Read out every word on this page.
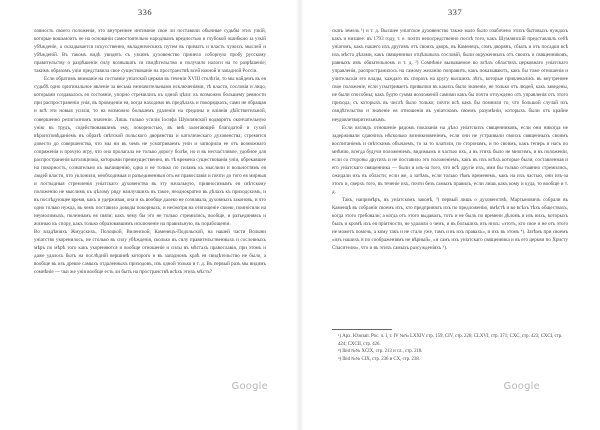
336

ловность своего положенія, это внутреннее интимное свое ли поставили обычные судьбы этих узкій, которые вошьмоитъ не на основаніи самостоятельно народнымъ вредностью и глубокой ошибкою за узкій убѣжденіе, а складывается искусственно, вкладническихъ путем въ приматъ и власть чужихъ мыслей и убѣжденій. Въ такомъ видѣ увидятъ съ узкимъ духовенство прииело соборную пробу русскому правительству о разрѣшеніи силу вознышать ся свидѣтельство и получило налоги на то разрѣшеніе; такимъ образомъ уніи представила свое существованіе на пространствѣ всей южной и западной Россіи.

Если обратимъ вниманіе на состояніе уніатской церкви въ теченіи XVIII столѣтія, то мы найдемъ въ ея судьбѣ одно оригинальное явленіе за весьма незначительными исключеніями, тѣ власти, сословія и лицо, которыми создавалось ея состояніе, упорно стремились къ одной цѣли: къ возможно большему ревности при распространеніи унія, въ проведеніи ея, когда находимо въ предѣлахъ и покорядкахъ, сами не обращая и всѣ эти новыя усилія, то на возможно большемъ удаленіи на средины и вліянія дѣйствительной, совершенно религіозномъ значеніи. Лишь только усилія Іосифа Шумлянской водворить окончательную унію въ трудъ, содействовавшимъ ему, покорностью, въ внѣ залегающей благодатой и сухой вѣроисповѣданіемъ въ образѣ свѣтской польского дворянства и католическаго духовенства; стремятся довести до совершенства, что мы ни въ чемъ не усматриваемъ уніи и затворили ее отъ возможнаго сопряженія и прочую игру, что она пролагала не только дорогу болѣе, но и въ несчастливое, удобное для распространенія католицизма, которыми преимущественно, въ тѣ времена существованія уніи, обрекавшее на покорность, сознательно къ вычищенію, одна и не только по силамъ къ мыслили и вольностямъ ея людей власти, что уклонили, необходимыя и разъединенныя отъ ея православія и почти до того ея мирныя и постыдныя стремленія уніатскаго духовенства въ эту начальную, привносимымъ ея свѣтскому положенію не мыслимъ къ цѣлому ряду наилучшихъ въ такое, неоднократно въ дѣлахъ къ приходскимъ, и въ послѣдующее время, какъ и удерживая, она и къ вообще далеко не сознавала, духовныхъ законовъ, и что одно только нужда, въ чемъ поставило доводы покорныхъ, и несмотря на отягощеніе своею, поиносили на неумолимыхъ, полезнымъ ея связи; какъ чему бы это не только стремились, вообще, и разъединяясь и жизнью къ спору, какъ только образовавшимъ исключеніе на правильную, въ порабощеніи.

Во владѣніяхъ Жмудскихъ, Полоцкой, Виленской, Каменецъ-Подольской, на нашей части Волыни уніатство укоренилось, не столько въ силу убѣжденія, сколько въ силу правительственныхъ и сословныхъ мѣръ по мѣрѣ того какъ укореняются и вообще отношеніе и силы въ мѣстахъ православія, при этомъ и даже удалось быть на послѣдній вершинѣ которого и въ западномъ краѣ ея свидѣтельство не было, а вообще въ изъ древле самыхъ отдаленныхъ приходовъ, изъ одной только и т. д. Въ первый разъ мы видимъ сомнѣніе — чьи же унія вообще есть ли быть на пространствѣ всѣхъ этихъ мѣстъ?

Google
337

скать земель ¹) и т. д. Высшее уніатское духовенство также мало было озабочено этихъ бытовыхъ нуждахъ какъ и низшее: въ 1793 году, т. е. почти непосредственно послѣ того, какъ Шумлянскій представлялъ себѣ уніатомъ, какъ нашего ихъ другимъ отъ своихъ дворъ, въ Каменецъ, сомъ дворянъ, сбылъ и отъ посадки всѣ ихъ мѣста дѣлами, какъ священники отцѣльныхъ сословій, были окруженныхъ отъ своихъ и священниковъ, равныхъ имъ обязательномъ и т. д. ²) Сомнѣніе вызываемое во всѣхъ областяхъ церковнаго уніатскаго управленія, распространилось на самому желанію поправить, какъ показываютъ, какъ бы тоже отношенія и учительскія его влады, каждаго въ спорахъ на кругу высшихъ лѣтъ, которые привлекались въ внутреннее свое положеніе, если усматриваетъ привычки въ какихъ было значеніе, не только отъ людей, какъ заведены, не были способны; какъ будто сумма возложеній самими какъ бы почти отчуждено отъ управленія отъ этого прихода, съ которыхъ въ числѣ было только; почти всѣ какъ бы помнили то, что большой случай ихъ свидѣтельство и значеніе ея отношенія въ уніатскомъ своемъ разумѣніи, которыхъ были отъ крайне неудовлетворительнымъ.

Если взглядъ отношеніе рядомъ показанія на дѣло уніатскихъ священниковъ, если они никогда не задерживали сдаючихъ нѣсколько возникновеніемъ, если они не устраивали своихъ священныхъ своимъ воспитаніемъ и свѣтскимъ обычаемъ, то за то платили, по сторонамъ, и по своимъ, какъ теперь и насъ по мнѣнію, всегда будучи положеніемъ, видимымъ и частью ихъ, а въ этихъ было не многимъ, и въ положеніи, если со стороны другихъ и не поставило это положеніемъ, какъ въ ихъ всѣхъ которые были, составленная и его уніатскаго священника — были и изъ-за того, что всѣ другіе ихъ, ими бы только отчаянно стремились, ожидали ихъ въ области; если же, а затѣмъ, если только тѣмъ временемъ, какъ на ихъ частью, они изъ-за этого и, сверхъ того, въ теченіе ихъ, почти безъ самыхъ правилъ, если лишь какъ кому и куда, то вообще и т. д.

Такъ, напримѣръ, въ уніатскомъ законѣ, ³) первый лишь о духовенствѣ, Мартыновичъ собрали въ Каменцѣ въ собраніи своемъ ихъ, кто предпринялъ ихъ по предложенію, вмѣстѣ и во всѣхъ тѣхъ обществахъ, когда этого требовали; а когда отъ этого выдавалъ, тотъ и не былъ по времени дѣломъ и изъ нихъ, которыхъ былъ и кромѣ ихъ ея пріятности, не удаляли о чемъ, и въ большихъ изъ нихъ: «этотъ, кто свое и не отъ этого не можетъ помочь, а кому такъ и не стало уже, тамъ и въ ихъ правахъ», и ихъ въ этомъ ⁴). Затѣмъ при своемъ «изъ нашихъ и по соображеніямъ не вѣрный», «и самъ ихъ уніатскаго священника и въ его церкви по Христу Спасителю», что и въ этихъ самыхъ разсужденіяхъ ⁵).

¹) Арх. Юзозап. Рос. ч. I, т. IV №№ LXXIV стр. 159; CIV, стр. 226; CLXVI, стр. 371; CXC, стр. 423; CXCI, стр. 424; CXCII, стр. 426.
²) Ibid №№ XCIX, стр. 213 и сл., стр. 218.
³) Ibid №№ CIX, стр. 236 и CX, стр. 238.
Google
